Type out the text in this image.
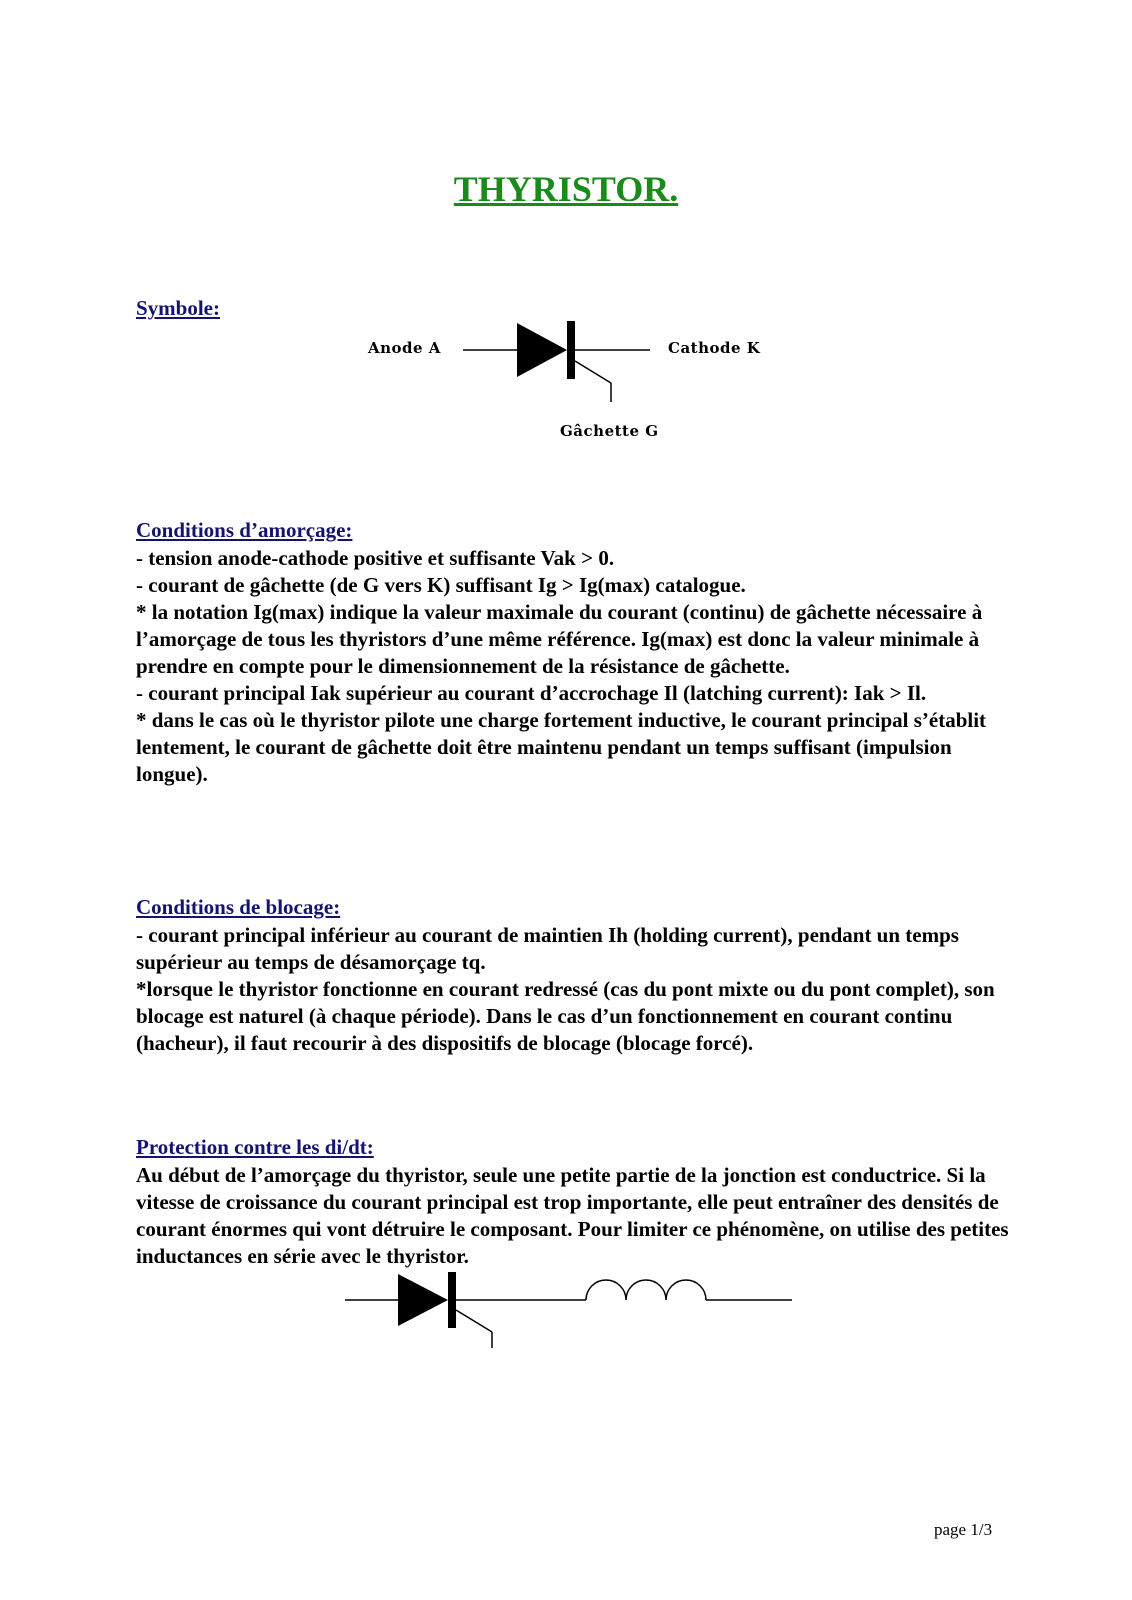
THYRISTOR.
Symbole:
Anode A	Cathode K
Gâchette G
Conditions d’amorçage:

- tension anode-cathode positive et suffisante Vak > 0.

- courant de gâchette (de G vers K) suffisant Ig > Ig(max) catalogue.

* la notation Ig(max) indique la valeur maximale du courant (continu) de gâchette nécessaire à l’amorçage de tous les thyristors d’une même référence. Ig(max) est donc la valeur minimale à prendre en compte pour le dimensionnement de la résistance de gâchette.

- courant principal Iak supérieur au courant d’accrochage Il (latching current): Iak > Il.

* dans le cas où le thyristor pilote une charge fortement inductive, le courant principal s’établit lentement, le courant de gâchette doit être maintenu pendant un temps suffisant (impulsion longue).

Conditions de blocage:

- courant principal inférieur au courant de maintien Ih (holding current), pendant un temps supérieur au temps de désamorçage tq.

*lorsque le thyristor fonctionne en courant redressé (cas du pont mixte ou du pont complet), son blocage est naturel (à chaque période). Dans le cas d’un fonctionnement en courant continu (hacheur), il faut recourir à des dispositifs de blocage (blocage forcé).

Protection contre les di/dt:

Au début de l’amorçage du thyristor, seule une petite partie de la jonction est conductrice. Si la vitesse de croissance du courant principal est trop importante, elle peut entraîner des densités de courant énormes qui vont détruire le composant. Pour limiter ce phénomène, on utilise des petites inductances en série avec le thyristor.

page 1/3
